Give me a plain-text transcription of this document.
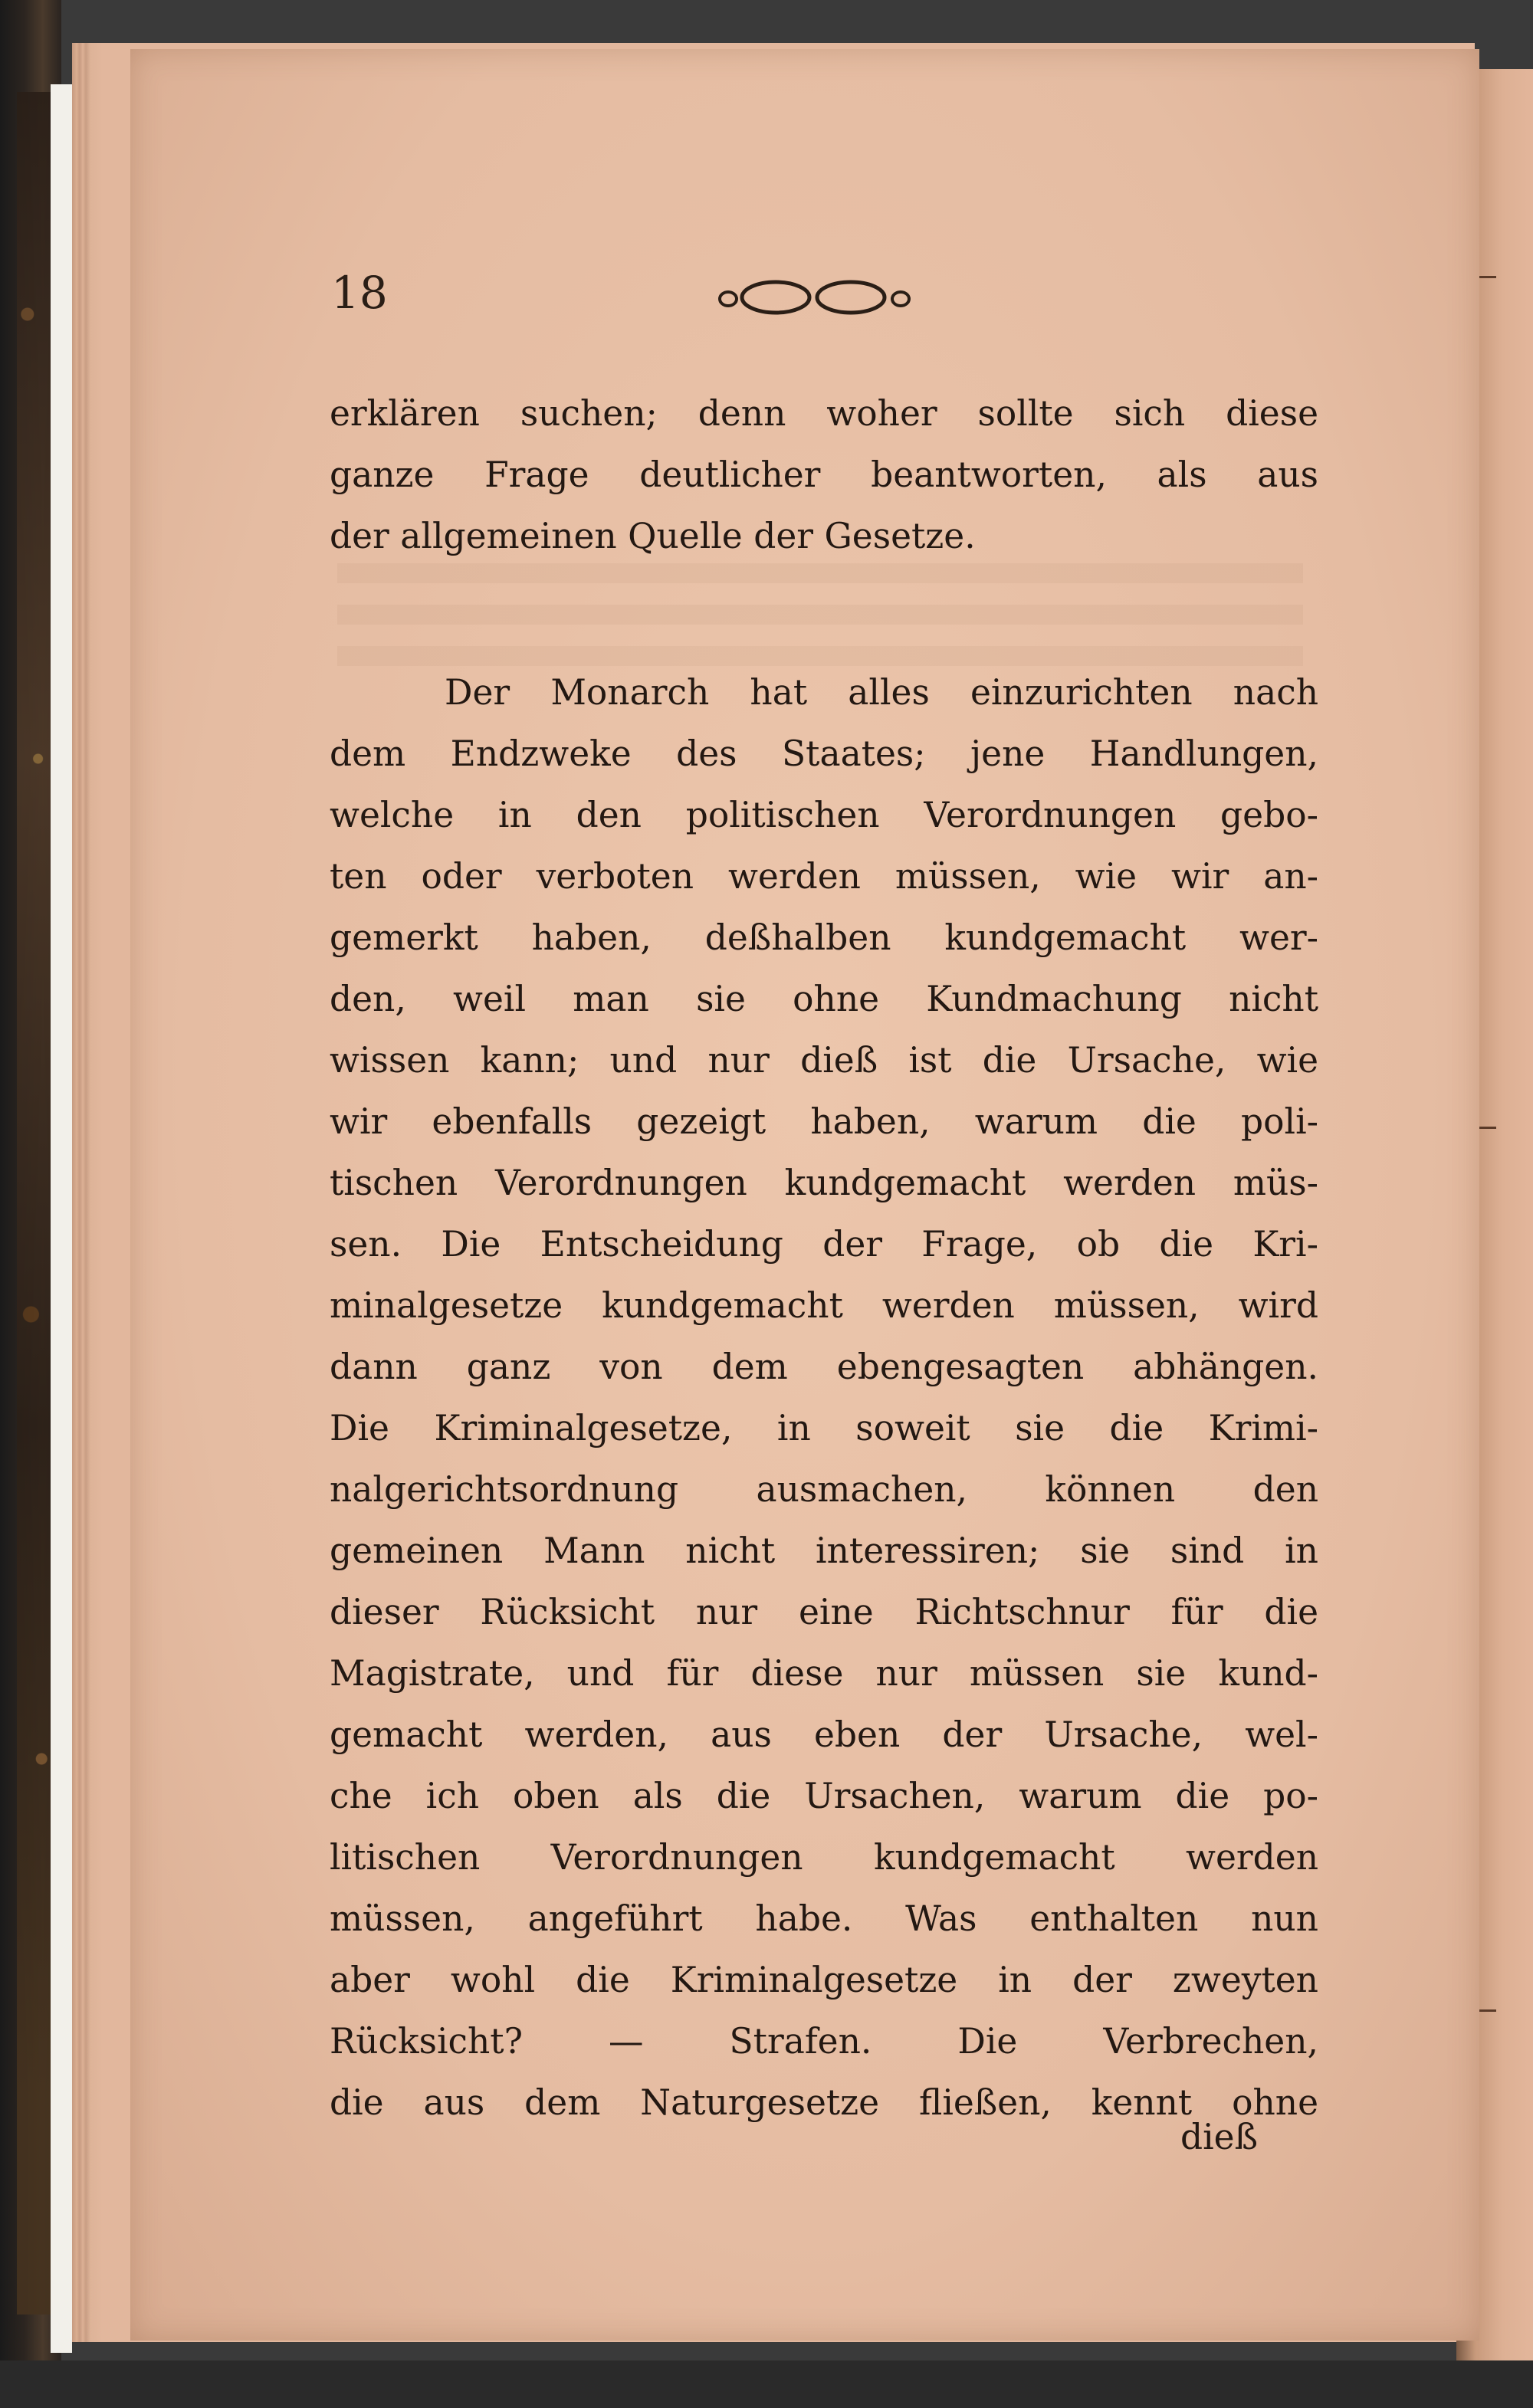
18

erklären suchen; denn woher sollte sich diese
ganze Frage deutlicher beantworten, als aus
der allgemeinen Quelle der Gesetze.
Der Monarch hat alles einzurichten nach
dem Endzweke des Staates; jene Handlungen,
welche in den politischen Verordnungen gebo-
ten oder verboten werden müssen, wie wir an-
gemerkt haben, deßhalben kundgemacht wer-
den, weil man sie ohne Kundmachung nicht
wissen kann; und nur dieß ist die Ursache, wie
wir ebenfalls gezeigt haben, warum die poli-
tischen Verordnungen kundgemacht werden müs-
sen. Die Entscheidung der Frage, ob die Kri-
minalgesetze kundgemacht werden müssen, wird
dann ganz von dem ebengesagten abhängen.
Die Kriminalgesetze, in soweit sie die Krimi-
nalgerichtsordnung ausmachen, können den
gemeinen Mann nicht interessiren; sie sind in
dieser Rücksicht nur eine Richtschnur für die
Magistrate, und für diese nur müssen sie kund-
gemacht werden, aus eben der Ursache, wel-
che ich oben als die Ursachen, warum die po-
litischen Verordnungen kundgemacht werden
müssen, angeführt habe. Was enthalten nun
aber wohl die Kriminalgesetze in der zweyten
Rücksicht? — Strafen. Die Verbrechen,
die aus dem Naturgesetze fließen, kennt ohne

dieß
